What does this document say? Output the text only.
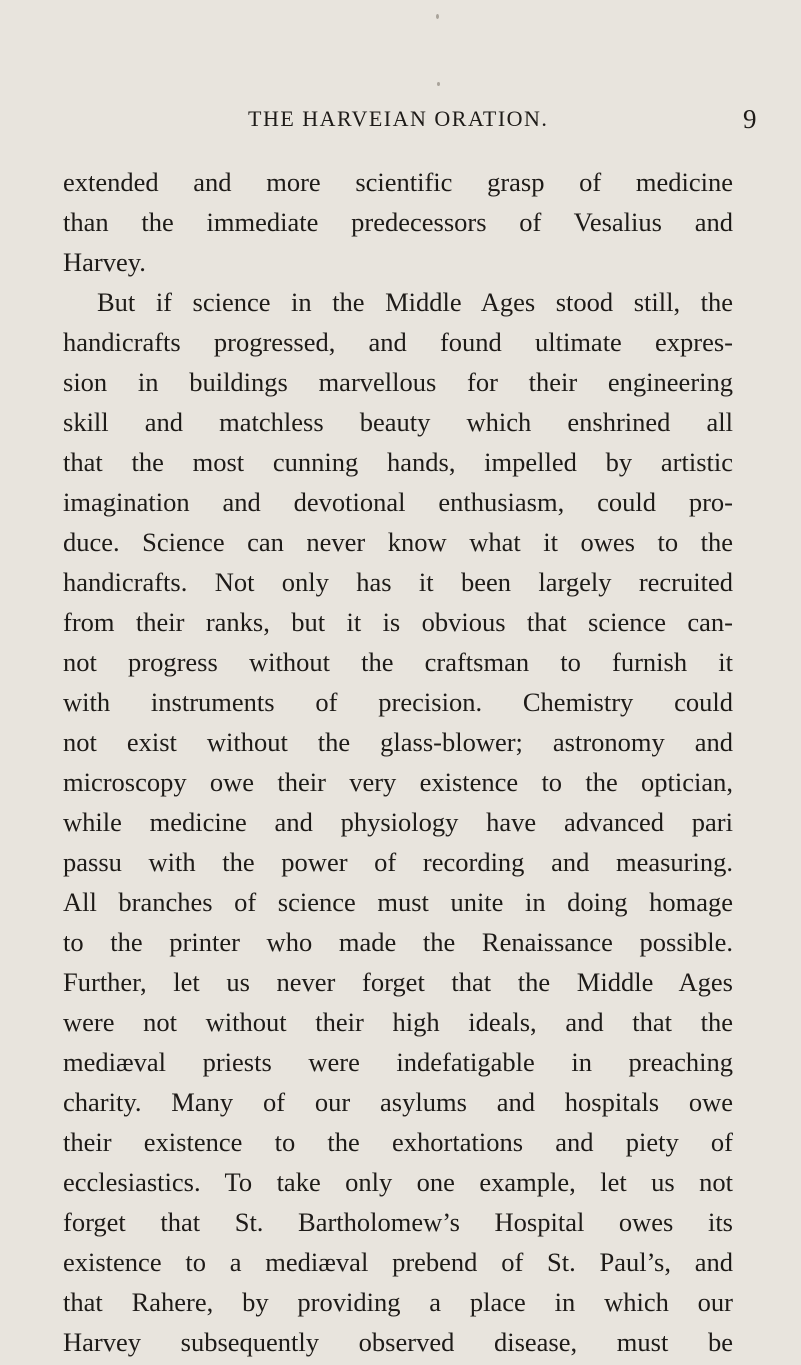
THE HARVEIAN ORATION.	9
extended and more scientific grasp of medicine
than the immediate predecessors of Vesalius and
Harvey.
But if science in the Middle Ages stood still, the
handicrafts progressed, and found ultimate expres-
sion in buildings marvellous for their engineering
skill and matchless beauty which enshrined all
that the most cunning hands, impelled by artistic
imagination and devotional enthusiasm, could pro-
duce. Science can never know what it owes to the
handicrafts. Not only has it been largely recruited
from their ranks, but it is obvious that science can-
not progress without the craftsman to furnish it
with instruments of precision. Chemistry could
not exist without the glass-blower; astronomy and
microscopy owe their very existence to the optician,
while medicine and physiology have advanced pari
passu with the power of recording and measuring.
All branches of science must unite in doing homage
to the printer who made the Renaissance possible.
Further, let us never forget that the Middle Ages
were not without their high ideals, and that the
mediæval priests were indefatigable in preaching
charity. Many of our asylums and hospitals owe
their existence to the exhortations and piety of
ecclesiastics. To take only one example, let us not
forget that St. Bartholomew’s Hospital owes its
existence to a mediæval prebend of St. Paul’s, and
that Rahere, by providing a place in which our
Harvey subsequently observed disease, must be
